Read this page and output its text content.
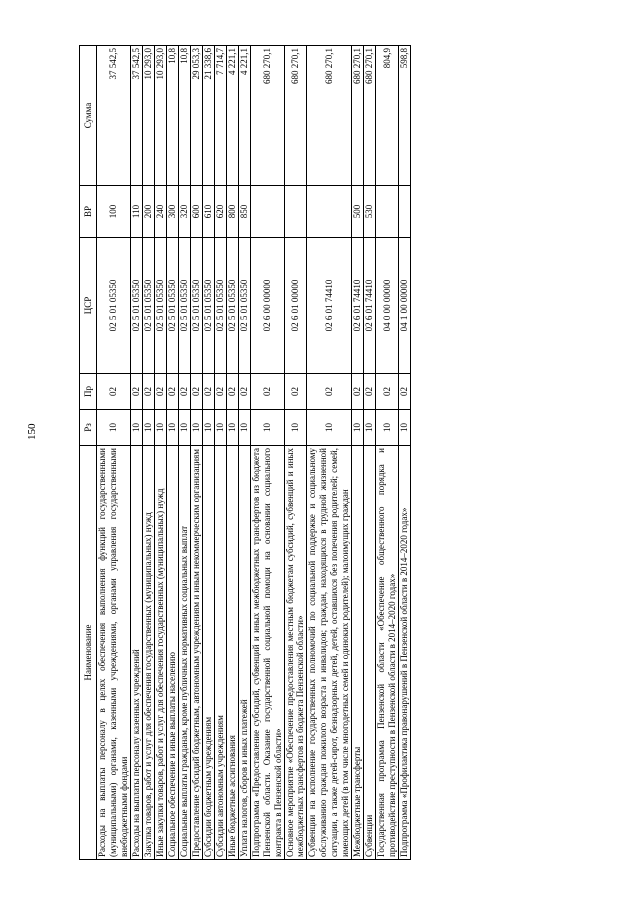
150
Наименование	Рз	Пр	ЦСР	ВР	Сумма
Расходы на выплаты персоналу в целях обеспечения выполнения функций государственными (муниципальными) органами, казенными учреждениями, органами управления государственными внебюджетными фондами	10	02	02 5 01 05350	100	37 542,5
Расходы на выплаты персоналу казенных учреждений	10	02	02 5 01 05350	110	37 542,5
Закупка товаров, работ и услуг для обеспечения государственных (муниципальных) нужд	10	02	02 5 01 05350	200	10 293,0
Иные закупки товаров, работ и услуг для обеспечения государственных (муниципальных) нужд	10	02	02 5 01 05350	240	10 293,0
Социальное обеспечение и иные выплаты населению	10	02	02 5 01 05350	300	10,8
Социальные выплаты гражданам, кроме публичных нормативных социальных выплат	10	02	02 5 01 05350	320	10,8
Предоставление субсидий бюджетным, автономным учреждениям и иным некоммерческим организациям	10	02	02 5 01 05350	600	29 053,3
Субсидии бюджетным учреждениям	10	02	02 5 01 05350	610	21 338,6
Субсидии автономным учреждениям	10	02	02 5 01 05350	620	7 714,7
Иные бюджетные ассигнования	10	02	02 5 01 05350	800	4 221,1
Уплата налогов, сборов и иных платежей	10	02	02 5 01 05350	850	4 221,1
Подпрограмма «Предоставление субсидий, субвенций и иных межбюджетных трансфертов из бюджета Пензенской области. Оказание государственной социальной помощи на основании социального контракта в Пензенской области»	10	02	02 6 00 00000		680 270,1
Основное мероприятие «Обеспечение предоставления местным бюджетам субсидий, субвенций и иных межбюджетных трансфертов из бюджета Пензенской области»	10	02	02 6 01 00000		680 270,1
Субвенции на исполнение государственных полномочий по социальной поддержке и социальному обслуживанию граждан пожилого возраста и инвалидов; граждан, находящихся в трудной жизненной ситуации, а также детей-сирот, безнадзорных детей, детей, оставшихся без попечения родителей; семей, имеющих детей (в том числе многодетных семей и одиноких родителей); малоимущих граждан	10	02	02 6 01 74410		680 270,1
Межбюджетные трансферты	10	02	02 6 01 74410	500	680 270,1
Субвенции	10	02	02 6 01 74410	530	680 270,1
Государственная программа Пензенской области «Обеспечение общественного порядка и противодействие преступности в Пензенской области в 2014–2020 годах»	10	02	04 0 00 00000		804,9
Подпрограмма «Профилактика правонарушений в Пензенской области в 2014–2020 годах»	10	02	04 1 00 00000		598,8
